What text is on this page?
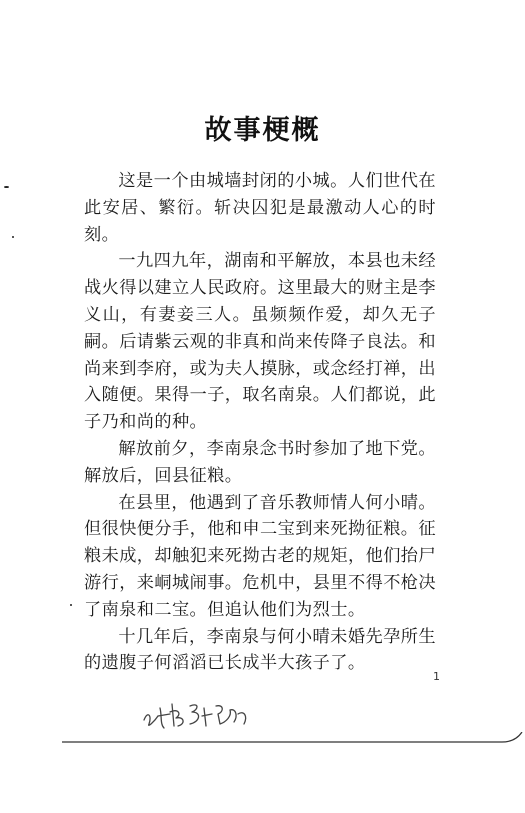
故事梗概

这是一个由城墙封闭的小城。人们世代在此安居、繁衍。斩决囚犯是最激动人心的时刻。

一九四九年，湖南和平解放，本县也未经战火得以建立人民政府。这里最大的财主是李义山，有妻妾三人。虽频频作爱，却久无子嗣。后请紫云观的非真和尚来传降子良法。和尚来到李府，或为夫人摸脉，或念经打禅，出入随便。果得一子，取名南泉。人们都说，此子乃和尚的种。

解放前夕，李南泉念书时参加了地下党。解放后，回县征粮。

在县里，他遇到了音乐教师情人何小晴。但很快便分手，他和申二宝到来死拗征粮。征粮未成，却触犯来死拗古老的规矩，他们抬尸游行，来峒城闹事。危机中，县里不得不枪决了南泉和二宝。但追认他们为烈士。

十几年后，李南泉与何小晴未婚先孕所生的遗腹子何滔滔已长成半大孩子了。

1
